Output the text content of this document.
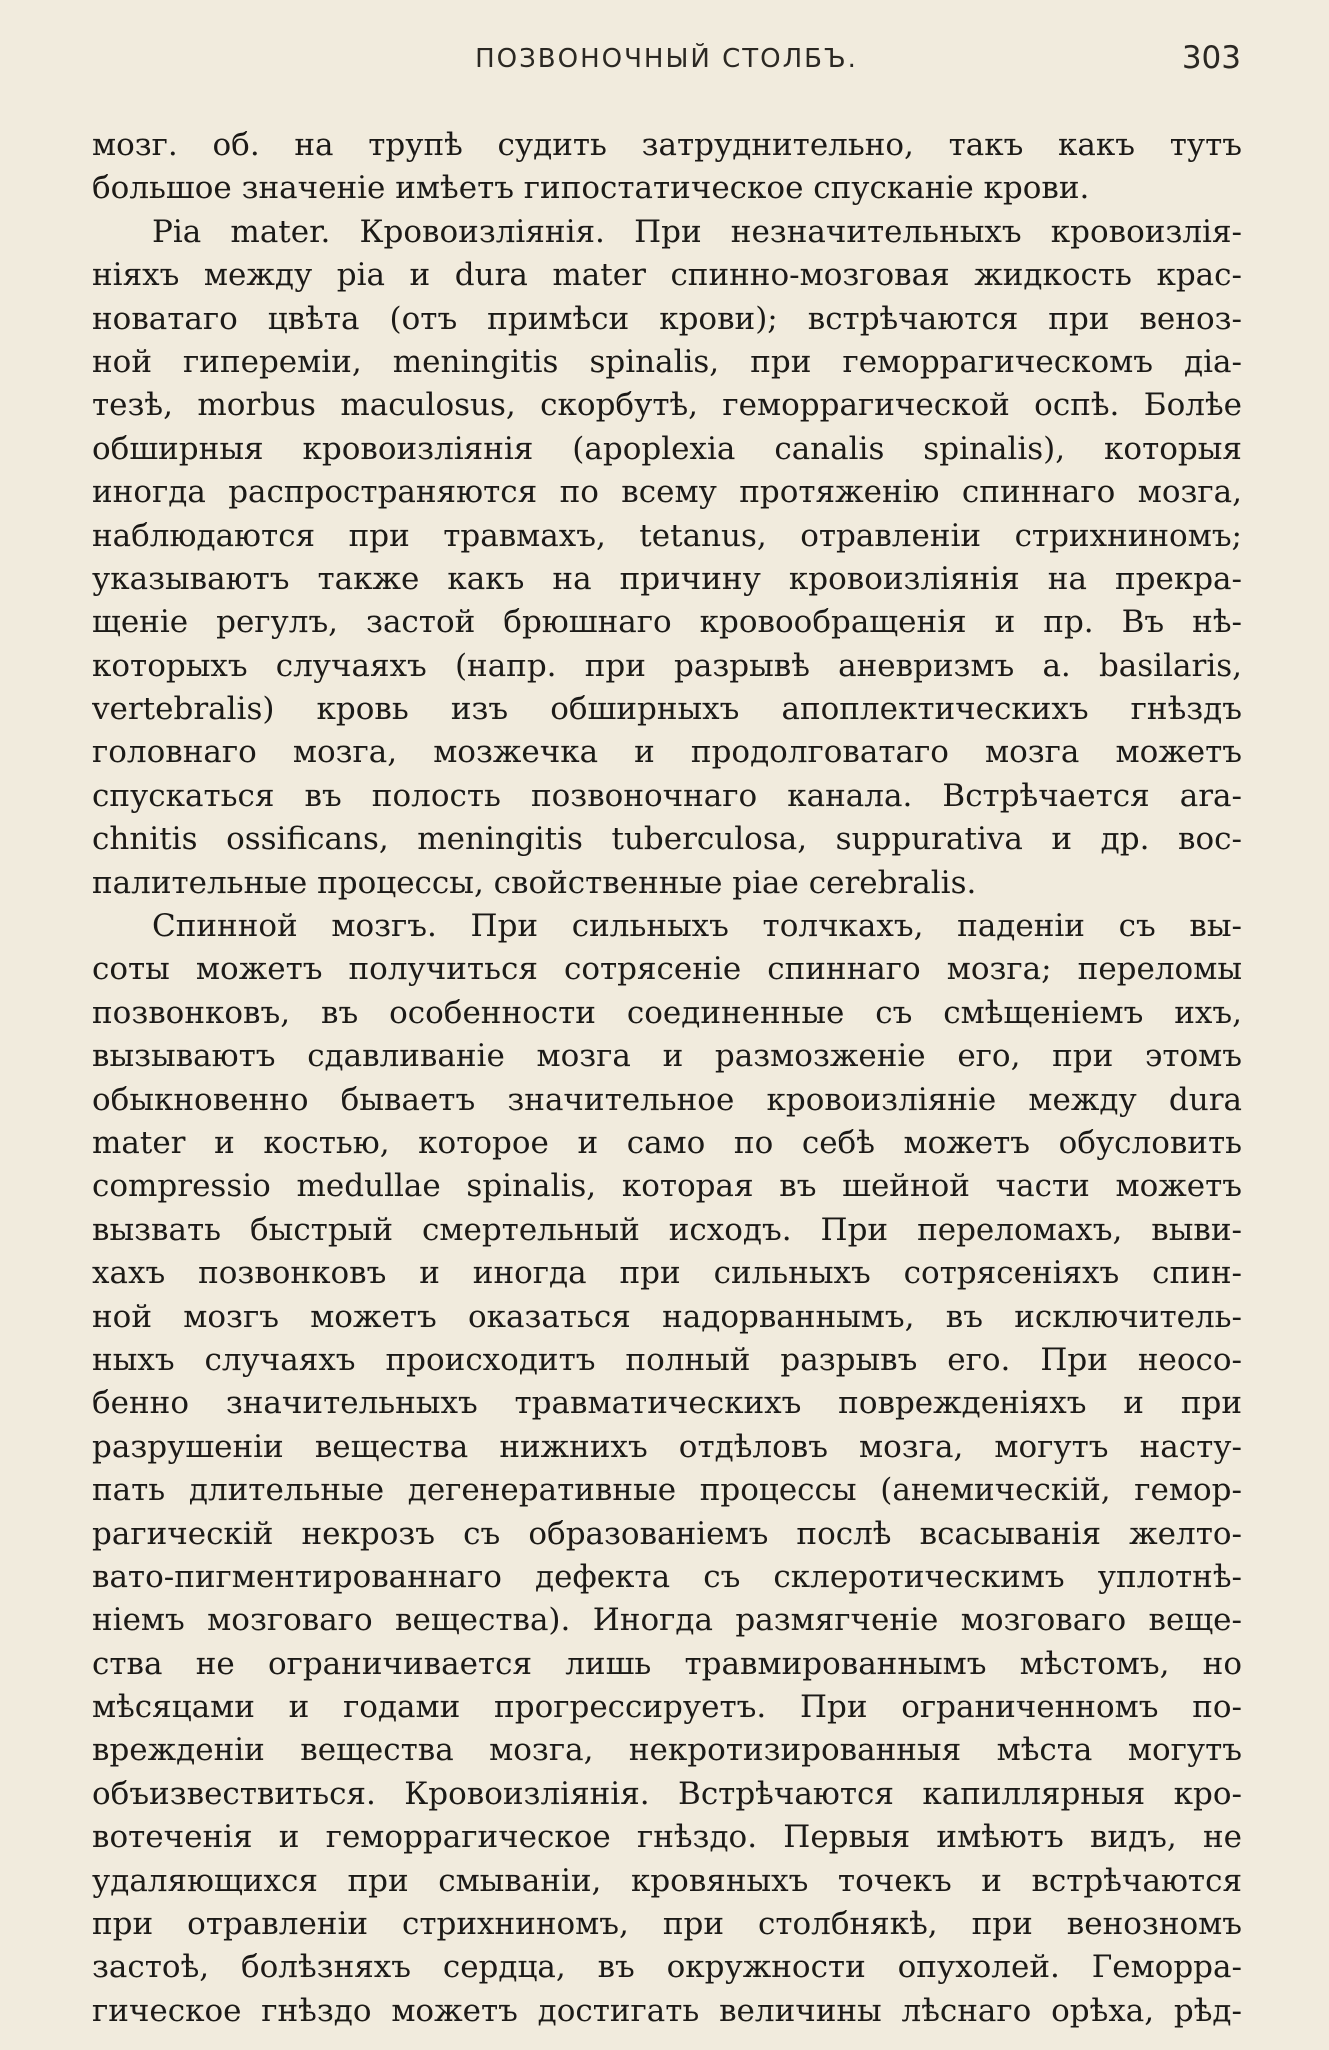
ПОЗВОНОЧНЫЙ СТОЛБЪ.	303
мозг. об. на трупѣ судить затруднительно, такъ какъ тутъ
большое значенiе имѣетъ гипостатическое спусканiе крови.
Pia mater. Кровоизлiянiя. При незначительныхъ кровоизлiя-
нiяхъ между pia и dura mater спинно-мозговая жидкость крас-
новатаго цвѣта (отъ примѣси крови); встрѣчаются при веноз-
ной гиперемiи, meningitis spinalis, при геморрагическомъ дiа-
тезѣ, morbus maculosus, скорбутѣ, геморрагической оспѣ. Болѣе
обширныя кровоизлiянiя (apoplexia canalis spinalis), которыя
иногда распространяются по всему протяженiю спиннаго мозга,
наблюдаются при травмахъ, tetanus, отравленiи стрихниномъ;
указываютъ также какъ на причину кровоизлiянiя на прекра-
щенiе регулъ, застой брюшнаго кровообращенiя и пр. Въ нѣ-
которыхъ случаяхъ (напр. при разрывѣ аневризмъ a. basilaris,
vertebralis) кровь изъ обширныхъ апоплектическихъ гнѣздъ
головнаго мозга, мозжечка и продолговатаго мозга можетъ
спускаться въ полость позвоночнаго канала. Встрѣчается ara-
chnitis ossificans, meningitis tuberculosa, suppurativa и др. вос-
палительные процессы, свойственные piae cerebralis.
Спинной мозгъ. При сильныхъ толчкахъ, паденiи съ вы-
соты можетъ получиться сотрясенiе спиннаго мозга; переломы
позвонковъ, въ особенности соединенные съ смѣщенiемъ ихъ,
вызываютъ сдавливанiе мозга и размозженiе его, при этомъ
обыкновенно бываетъ значительное кровоизлiянiе между dura
mater и костью, которое и само по себѣ можетъ обусловить
compressio medullae spinalis, которая въ шейной части можетъ
вызвать быстрый смертельный исходъ. При переломахъ, выви-
хахъ позвонковъ и иногда при сильныхъ сотрясенiяхъ спин-
ной мозгъ можетъ оказаться надорваннымъ, въ исключитель-
ныхъ случаяхъ происходитъ полный разрывъ его. При неосо-
бенно значительныхъ травматическихъ поврежденiяхъ и при
разрушенiи вещества нижнихъ отдѣловъ мозга, могутъ насту-
пать длительные дегенеративные процессы (анемическiй, гемор-
рагическiй некрозъ съ образованiемъ послѣ всасыванiя желто-
вато-пигментированнаго дефекта съ склеротическимъ уплотнѣ-
нiемъ мозговаго вещества). Иногда размягченiе мозговаго веще-
ства не ограничивается лишь травмированнымъ мѣстомъ, но
мѣсяцами и годами прогрессируетъ. При ограниченномъ по-
врежденiи вещества мозга, некротизированныя мѣста могутъ
объизвествиться. Кровоизлiянiя. Встрѣчаются капиллярныя кро-
вотеченiя и геморрагическое гнѣздо. Первыя имѣютъ видъ, не
удаляющихся при смыванiи, кровяныхъ точекъ и встрѣчаются
при отравленiи стрихниномъ, при столбнякѣ, при венозномъ
застоѣ, болѣзняхъ сердца, въ окружности опухолей. Геморра-
гическое гнѣздо можетъ достигать величины лѣснаго орѣха, рѣд-
